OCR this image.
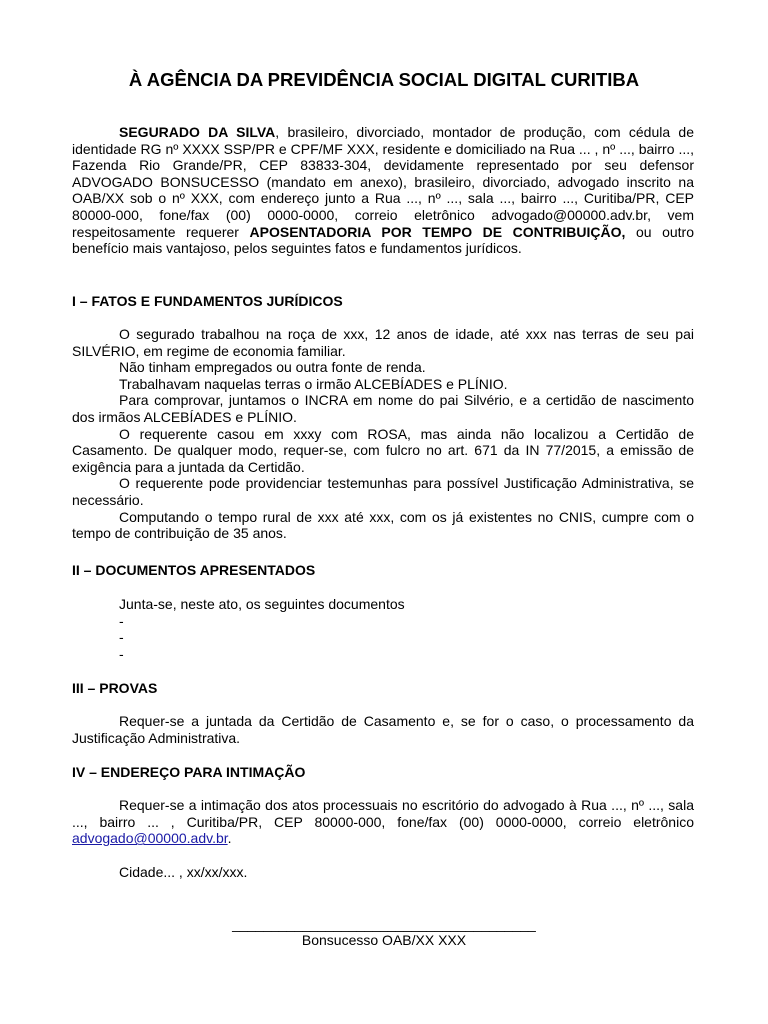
À AGÊNCIA DA PREVIDÊNCIA SOCIAL DIGITAL CURITIBA

SEGURADO DA SILVA, brasileiro, divorciado, montador de produção, com cédula de identidade RG nº XXXX SSP/PR e CPF/MF XXX, residente e domiciliado na Rua ... , nº ..., bairro ..., Fazenda Rio Grande/PR, CEP 83833-304, devidamente representado por seu defensor ADVOGADO BONSUCESSO (mandato em anexo), brasileiro, divorciado, advogado inscrito na OAB/XX sob o nº XXX, com endereço junto a Rua ..., nº ..., sala ..., bairro ..., Curitiba/PR, CEP 80000-000, fone/fax (00) 0000-0000, correio eletrônico advogado@00000.adv.br, vem respeitosamente requerer APOSENTADORIA POR TEMPO DE CONTRIBUIÇÃO, ou outro benefício mais vantajoso, pelos seguintes fatos e fundamentos jurídicos.

I – FATOS E FUNDAMENTOS JURÍDICOS

O segurado trabalhou na roça de xxx, 12 anos de idade, até xxx nas terras de seu pai SILVÉRIO, em regime de economia familiar.

Não tinham empregados ou outra fonte de renda.

Trabalhavam naquelas terras o irmão ALCEBÍADES e PLÍNIO.

Para comprovar, juntamos o INCRA em nome do pai Silvério, e a certidão de nascimento dos irmãos ALCEBÍADES e PLÍNIO.

O requerente casou em xxxy com ROSA, mas ainda não localizou a Certidão de Casamento. De qualquer modo, requer-se, com fulcro no art. 671 da IN 77/2015, a emissão de exigência para a juntada da Certidão.

O requerente pode providenciar testemunhas para possível Justificação Administrativa, se necessário.

Computando o tempo rural de xxx até xxx, com os já existentes no CNIS, cumpre com o tempo de contribuição de 35 anos.

II – DOCUMENTOS APRESENTADOS

Junta-se, neste ato, os seguintes documentos

-
-
-
III – PROVAS

Requer-se a juntada da Certidão de Casamento e, se for o caso, o processamento da Justificação Administrativa.

IV – ENDEREÇO PARA INTIMAÇÃO

Requer-se a intimação dos atos processuais no escritório do advogado à Rua ..., nº ..., sala ..., bairro ... , Curitiba/PR, CEP 80000-000, fone/fax (00) 0000-0000, correio eletrônico advogado@00000.adv.br.

Cidade... , xx/xx/xxx.

_______________________________________
Bonsucesso OAB/XX XXX
